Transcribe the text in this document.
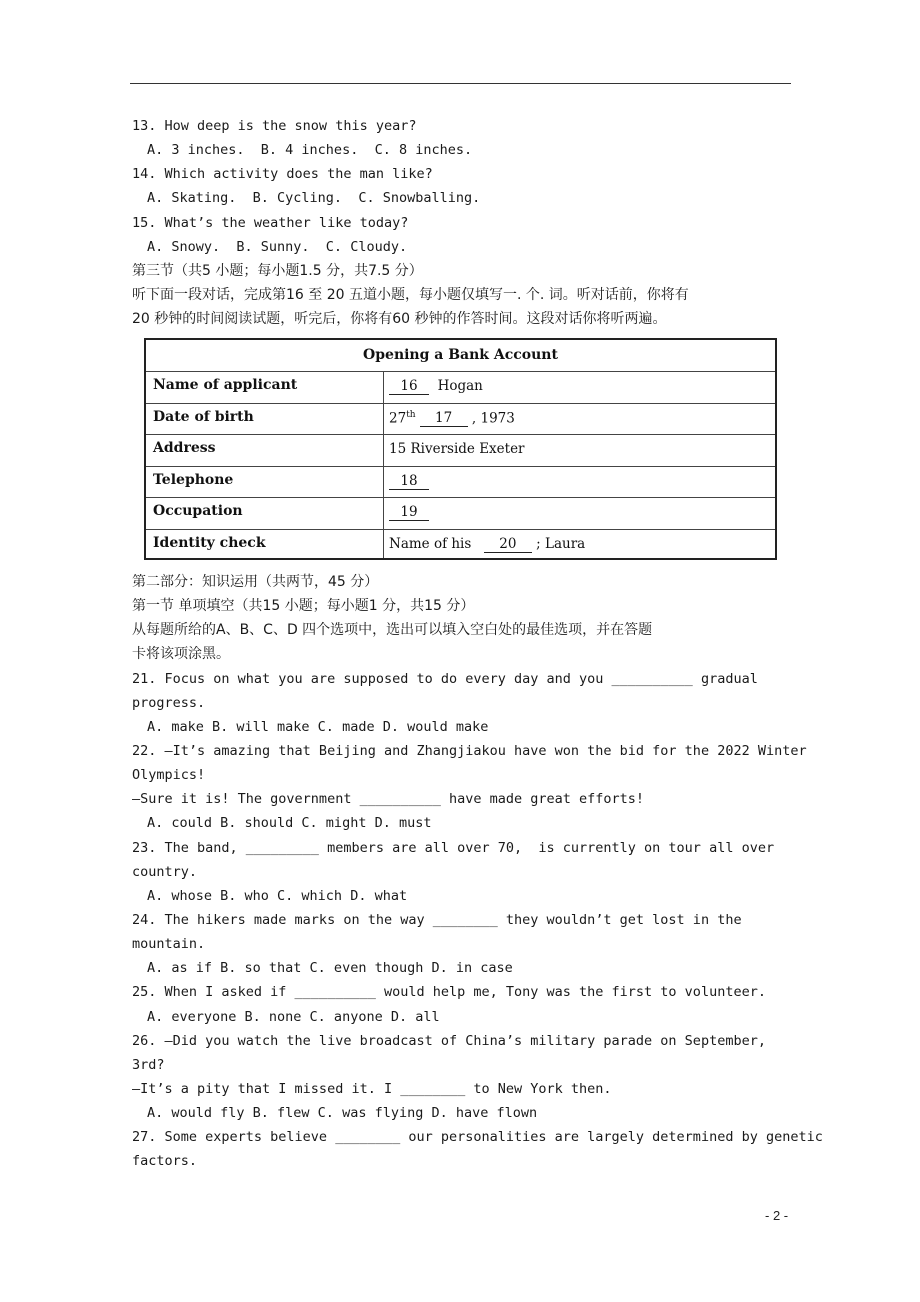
13. How deep is the snow this year?
A. 3 inches.  B. 4 inches.  C. 8 inches.
14. Which activity does the man like?
A. Skating.  B. Cycling.  C. Snowballing.
15. What’s the weather like today?
A. Snowy.  B. Sunny.  C. Cloudy.
第三节（共5 小题；每小题1.5 分，共7.5 分）
听下面一段对话，完成第16 至 20 五道小题，每小题仅填写一. 个. 词。听对话前，你将有
20 秒钟的时间阅读试题，听完后，你将有60 秒钟的作答时间。这段对话你将听两遍。
Opening a Bank Account
Name of applicant	16  Hogan
Date of birth	27th 17 , 1973
Address	15 Riverside Exeter
Telephone	18
Occupation	19
Identity check	Name of his  20 ; Laura
第二部分：知识运用（共两节，45 分）
第一节 单项填空（共15 小题；每小题1 分，共15 分）
从每题所给的A、B、C、D 四个选项中，选出可以填入空白处的最佳选项，并在答题
卡将该项涂黑。
21. Focus on what you are supposed to do every day and you __________ gradual
progress.
A. make B. will make C. made D. would make
22. —It’s amazing that Beijing and Zhangjiakou have won the bid for the 2022 Winter
Olympics!
—Sure it is! The government __________ have made great efforts!
A. could B. should C. might D. must
23. The band, _________ members are all over 70,  is currently on tour all over
country.
A. whose B. who C. which D. what
24. The hikers made marks on the way ________ they wouldn’t get lost in the
mountain.
A. as if B. so that C. even though D. in case
25. When I asked if __________ would help me, Tony was the first to volunteer.
A. everyone B. none C. anyone D. all
26. —Did you watch the live broadcast of China’s military parade on September,
3rd?
—It’s a pity that I missed it. I ________ to New York then.
A. would fly B. flew C. was flying D. have flown
27. Some experts believe ________ our personalities are largely determined by genetic
factors.
- 2 -
